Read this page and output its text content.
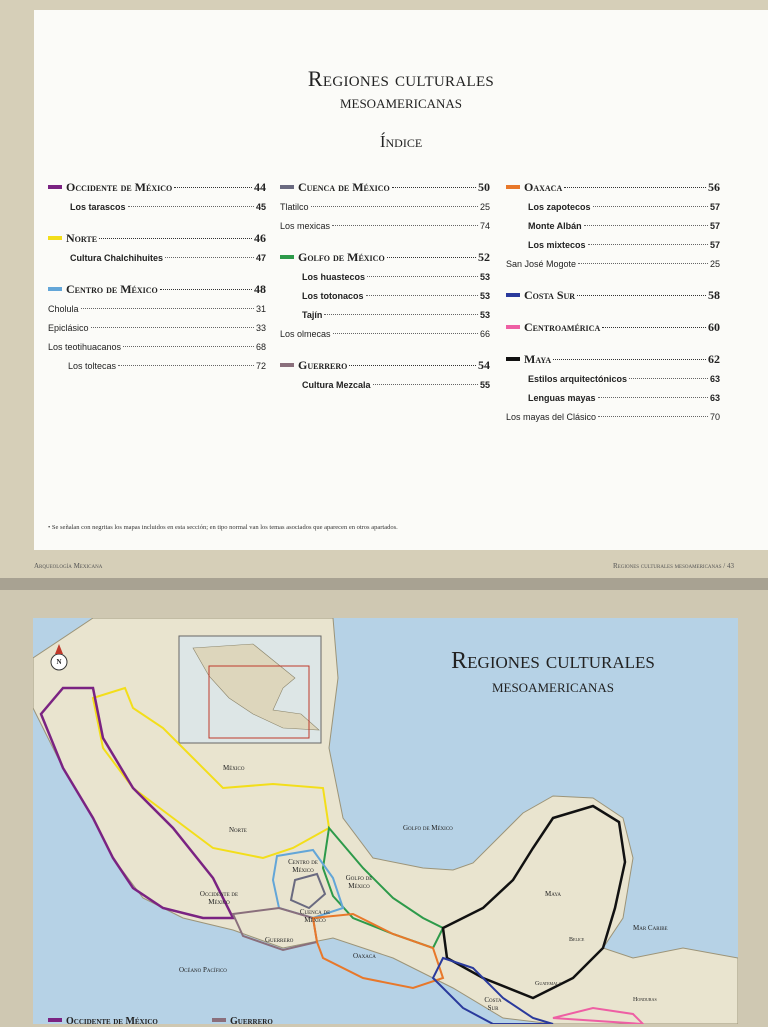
Regiones culturales
mesoamericanas
Índice
Occidente de México	44
Los tarascos	45
Norte	46
Cultura Chalchihuites	47
Centro de México	48
Cholula	31
Epiclásico	33
Los teotihuacanos	68
Los toltecas	72
Cuenca de México	50
Tlatilco	25
Los mexicas	74
Golfo de México	52
Los huastecos	53
Los totonacos	53
Tajín	53
Los olmecas	66
Guerrero	54
Cultura Mezcala	55
Oaxaca	56
Los zapotecos	57
Monte Albán	57
Los mixtecos	57
San José Mogote	25
Costa Sur	58
Centroamérica	60
Maya	62
Estilos arquitectónicos	63
Lenguas mayas	63
Los mayas del Clásico	70
• Se señalan con negritas los mapas incluidos en esta sección; en tipo normal van los temas asociados que aparecen en otros apartados.
Arqueología Mexicana	Regiones culturales mesoamericanas / 43
Regiones culturales
mesoamericanas
México
Norte	Golfo de México
Centro de México
Golfo de México
Cuenca de México
Occidente de México
Maya
Mar Caribe
Belice
Guerrero
Oaxaca
Océano Pacífico
Guatemala
Honduras
Costa Sur
N
Occidente de México	Guerrero
